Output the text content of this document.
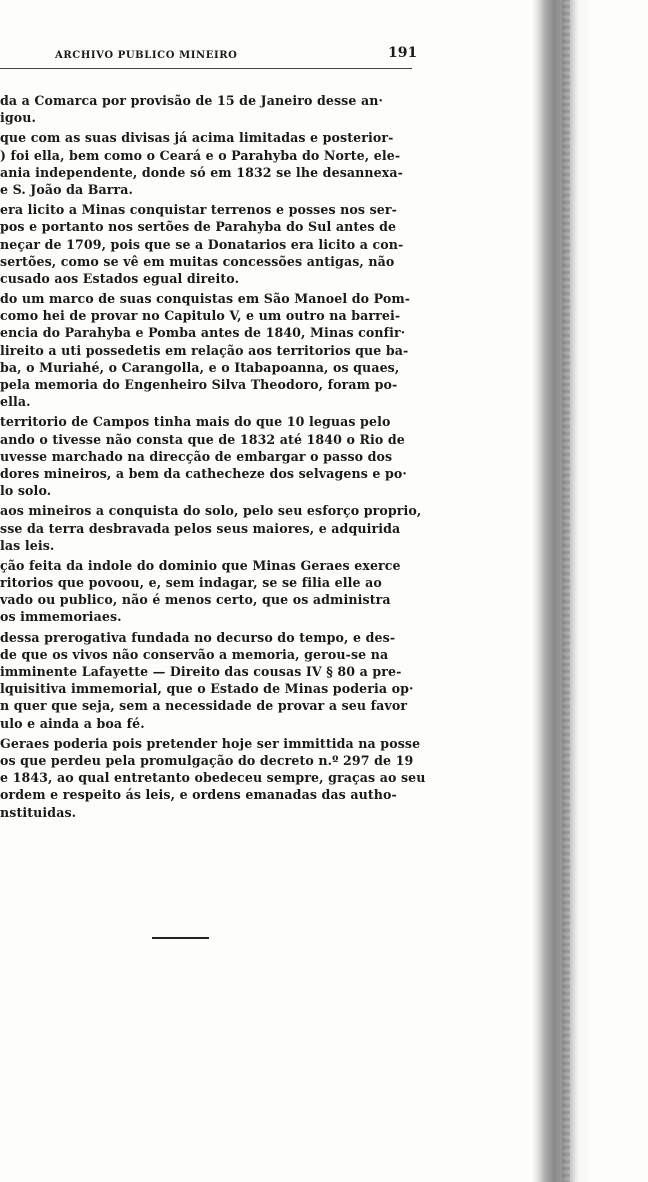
ARCHIVO PUBLICO MINEIRO	191
da a Comarca por provisão de 15 de Janeiro desse an·
igou.
que com as suas divisas já acima limitadas e posterior-
) foi ella, bem como o Ceará e o Parahyba do Norte, ele-
ania independente, donde só em 1832 se lhe desannexa-
e S. João da Barra.
era licito a Minas conquistar terrenos e posses nos ser-
pos e portanto nos sertões de Parahyba do Sul antes de
neçar de 1709, pois que se a Donatarios era licito a con-
sertões, como se vê em muitas concessões antigas, não
cusado aos Estados egual direito.
do um marco de suas conquistas em São Manoel do Pom-
como hei de provar no Capitulo V, e um outro na barrei-
encia do Parahyba e Pomba antes de 1840, Minas confir·
lireito a uti possedetis em relação aos territorios que ba-
ba, o Muriahé, o Carangolla, e o Itabapoanna, os quaes,
pela memoria do Engenheiro Silva Theodoro, foram po-
ella.
territorio de Campos tinha mais do que 10 leguas pelo
ando o tivesse não consta que de 1832 até 1840 o Rio de
uvesse marchado na direcção de embargar o passo dos
dores mineiros, a bem da cathecheze dos selvagens e po·
lo solo.
aos mineiros a conquista do solo, pelo seu esforço proprio,
sse da terra desbravada pelos seus maiores, e adquirida
las leis.
ção feita da indole do dominio que Minas Geraes exerce
ritorios que povoou, e, sem indagar, se se filia elle ao
vado ou publico, não é menos certo, que os administra
os immemoriaes.
dessa prerogativa fundada no decurso do tempo, e des-
de que os vivos não conservão a memoria, gerou-se na
imminente Lafayette — Direito das cousas IV § 80 a pre-
lquisitiva immemorial, que o Estado de Minas poderia op·
n quer que seja, sem a necessidade de provar a seu favor
ulo e ainda a boa fé.
Geraes poderia pois pretender hoje ser immittida na posse
os que perdeu pela promulgação do decreto n.º 297 de 19
e 1843, ao qual entretanto obedeceu sempre, graças ao seu
ordem e respeito ás leis, e ordens emanadas das autho-
nstituidas.
